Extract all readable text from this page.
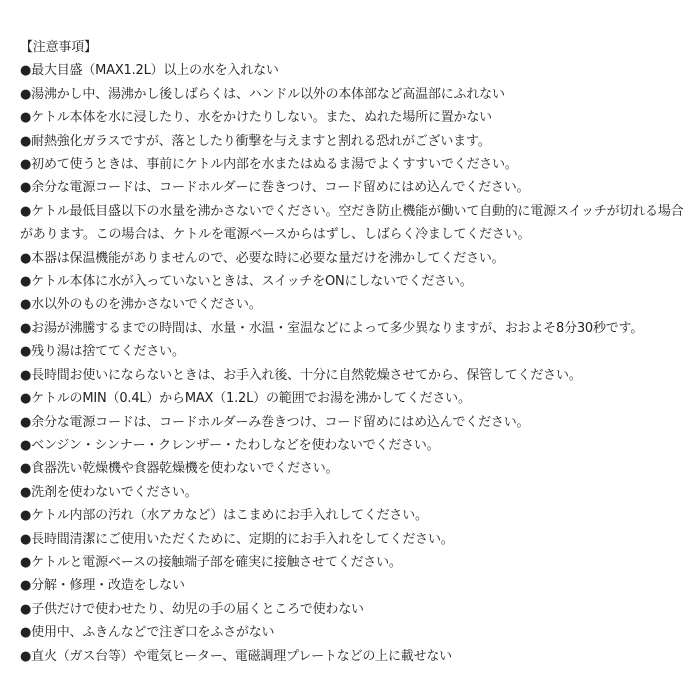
【注意事項】
●最大目盛（MAX1.2L）以上の水を入れない
●湯沸かし中、湯沸かし後しばらくは、ハンドル以外の本体部など高温部にふれない
●ケトル本体を水に浸したり、水をかけたりしない。また、ぬれた場所に置かない
●耐熱強化ガラスですが、落としたり衝撃を与えますと割れる恐れがございます。
●初めて使うときは、事前にケトル内部を水またはぬるま湯でよくすすいでください。
●余分な電源コードは、コードホルダーに巻きつけ、コード留めにはめ込んでください。
●ケトル最低目盛以下の水量を沸かさないでください。空だき防止機能が働いて自動的に電源スイッチが切れる場合があります。この場合は、ケトルを電源ベースからはずし、しばらく冷ましてください。
●本器は保温機能がありませんので、必要な時に必要な量だけを沸かしてください。
●ケトル本体に水が入っていないときは、スイッチをONにしないでください。
●水以外のものを沸かさないでください。
●お湯が沸騰するまでの時間は、水量・水温・室温などによって多少異なりますが、おおよそ8分30秒です。
●残り湯は捨ててください。
●長時間お使いにならないときは、お手入れ後、十分に自然乾燥させてから、保管してください。
●ケトルのMIN（0.4L）からMAX（1.2L）の範囲でお湯を沸かしてください。
●余分な電源コードは、コードホルダーみ巻きつけ、コード留めにはめ込んでください。
●ベンジン・シンナー・クレンザー・たわしなどを使わないでください。
●食器洗い乾燥機や食器乾燥機を使わないでください。
●洗剤を使わないでください。
●ケトル内部の汚れ（水アカなど）はこまめにお手入れしてください。
●長時間清潔にご使用いただくために、定期的にお手入れをしてください。
●ケトルと電源ベースの接触端子部を確実に接触させてください。
●分解・修理・改造をしない
●子供だけで使わせたり、幼児の手の届くところで使わない
●使用中、ふきんなどで注ぎ口をふさがない
●直火（ガス台等）や電気ヒーター、電磁調理プレートなどの上に載せない
